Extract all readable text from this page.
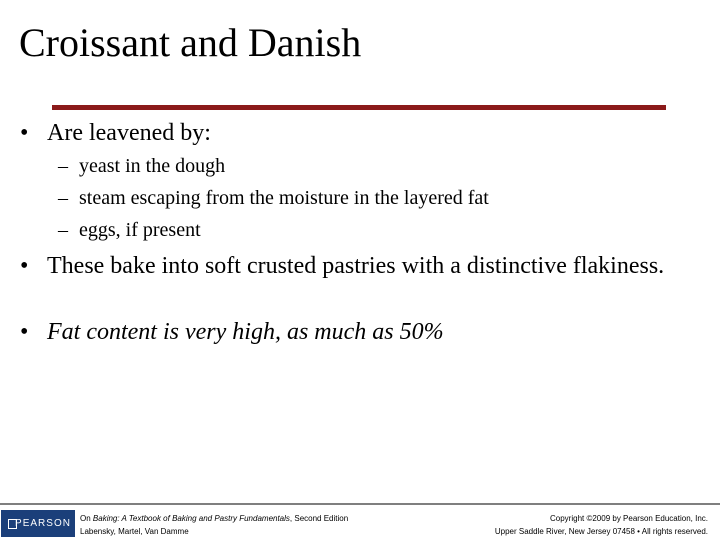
Croissant and Danish
• Are leavened by:
– yeast in the dough
– steam escaping from the moisture in the layered fat
– eggs, if present
• These bake into soft crusted pastries with a distinctive flakiness.
• Fat content is very high, as much as 50%
PEARSON	On Baking: A Textbook of Baking and Pastry Fundamentals, Second Edition
Labensky, Martel, Van Damme
Copyright ©2009 by Pearson Education, Inc.
Upper Saddle River, New Jersey 07458 • All rights reserved.
